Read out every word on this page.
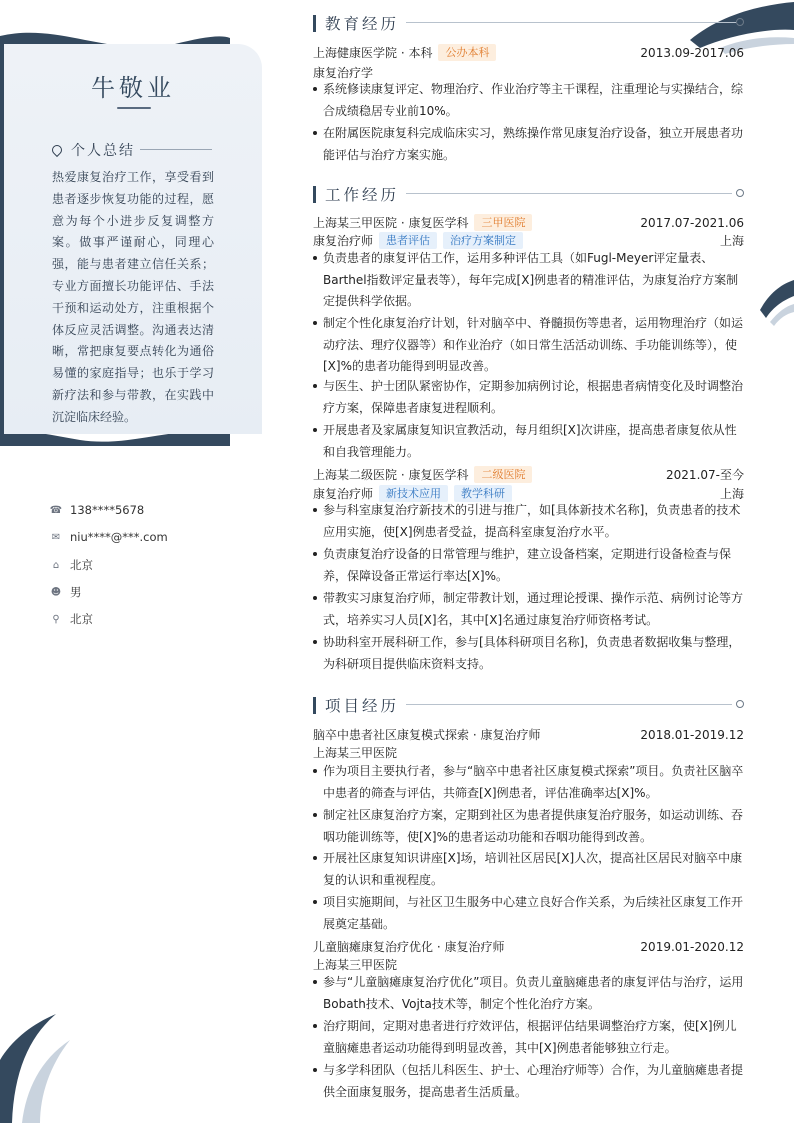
牛敬业
个人总结
热爱康复治疗工作，享受看到患者逐步恢复功能的过程，愿意为每个小进步反复调整方案。做事严谨耐心，同理心强，能与患者建立信任关系；专业方面擅长功能评估、手法干预和运动处方，注重根据个体反应灵活调整。沟通表达清晰，常把康复要点转化为通俗易懂的家庭指导；也乐于学习新疗法和参与带教，在实践中沉淀临床经验。
☎ 138****5678
✉ niu****@***.com
⌂ 北京
☻ 男
⚲ 北京
教育经历
上海健康医学院 · 本科	公办本科	2013.09-2017.06
康复治疗学
系统修读康复评定、物理治疗、作业治疗等主干课程，注重理论与实操结合，综合成绩稳居专业前10%。
在附属医院康复科完成临床实习，熟练操作常见康复治疗设备，独立开展患者功能评估与治疗方案实施。
工作经历
上海某三甲医院 · 康复医学科	三甲医院	2017.07-2021.06
康复治疗师	患者评估	治疗方案制定	上海
负责患者的康复评估工作，运用多种评估工具（如Fugl-Meyer评定量表、Barthel指数评定量表等），每年完成[X]例患者的精准评估，为康复治疗方案制定提供科学依据。
制定个性化康复治疗计划，针对脑卒中、脊髓损伤等患者，运用物理治疗（如运动疗法、理疗仪器等）和作业治疗（如日常生活活动训练、手功能训练等），使[X]%的患者功能得到明显改善。
与医生、护士团队紧密协作，定期参加病例讨论，根据患者病情变化及时调整治疗方案，保障患者康复进程顺利。
开展患者及家属康复知识宣教活动，每月组织[X]次讲座，提高患者康复依从性和自我管理能力。
上海某二级医院 · 康复医学科	二级医院	2021.07-至今
康复治疗师	新技术应用	教学科研	上海
参与科室康复治疗新技术的引进与推广，如[具体新技术名称]，负责患者的技术应用实施，使[X]例患者受益，提高科室康复治疗水平。
负责康复治疗设备的日常管理与维护，建立设备档案，定期进行设备检查与保养，保障设备正常运行率达[X]%。
带教实习康复治疗师，制定带教计划，通过理论授课、操作示范、病例讨论等方式，培养实习人员[X]名，其中[X]名通过康复治疗师资格考试。
协助科室开展科研工作，参与[具体科研项目名称]，负责患者数据收集与整理，为科研项目提供临床资料支持。
项目经历
脑卒中患者社区康复模式探索 · 康复治疗师	2018.01-2019.12
上海某三甲医院
作为项目主要执行者，参与“脑卒中患者社区康复模式探索”项目。负责社区脑卒中患者的筛查与评估，共筛查[X]例患者，评估准确率达[X]%。
制定社区康复治疗方案，定期到社区为患者提供康复治疗服务，如运动训练、吞咽功能训练等，使[X]%的患者运动功能和吞咽功能得到改善。
开展社区康复知识讲座[X]场，培训社区居民[X]人次，提高社区居民对脑卒中康复的认识和重视程度。
项目实施期间，与社区卫生服务中心建立良好合作关系，为后续社区康复工作开展奠定基础。
儿童脑瘫康复治疗优化 · 康复治疗师	2019.01-2020.12
上海某三甲医院
参与“儿童脑瘫康复治疗优化”项目。负责儿童脑瘫患者的康复评估与治疗，运用Bobath技术、Vojta技术等，制定个性化治疗方案。
治疗期间，定期对患者进行疗效评估，根据评估结果调整治疗方案，使[X]例儿童脑瘫患者运动功能得到明显改善，其中[X]例患者能够独立行走。
与多学科团队（包括儿科医生、护士、心理治疗师等）合作，为儿童脑瘫患者提供全面康复服务，提高患者生活质量。
